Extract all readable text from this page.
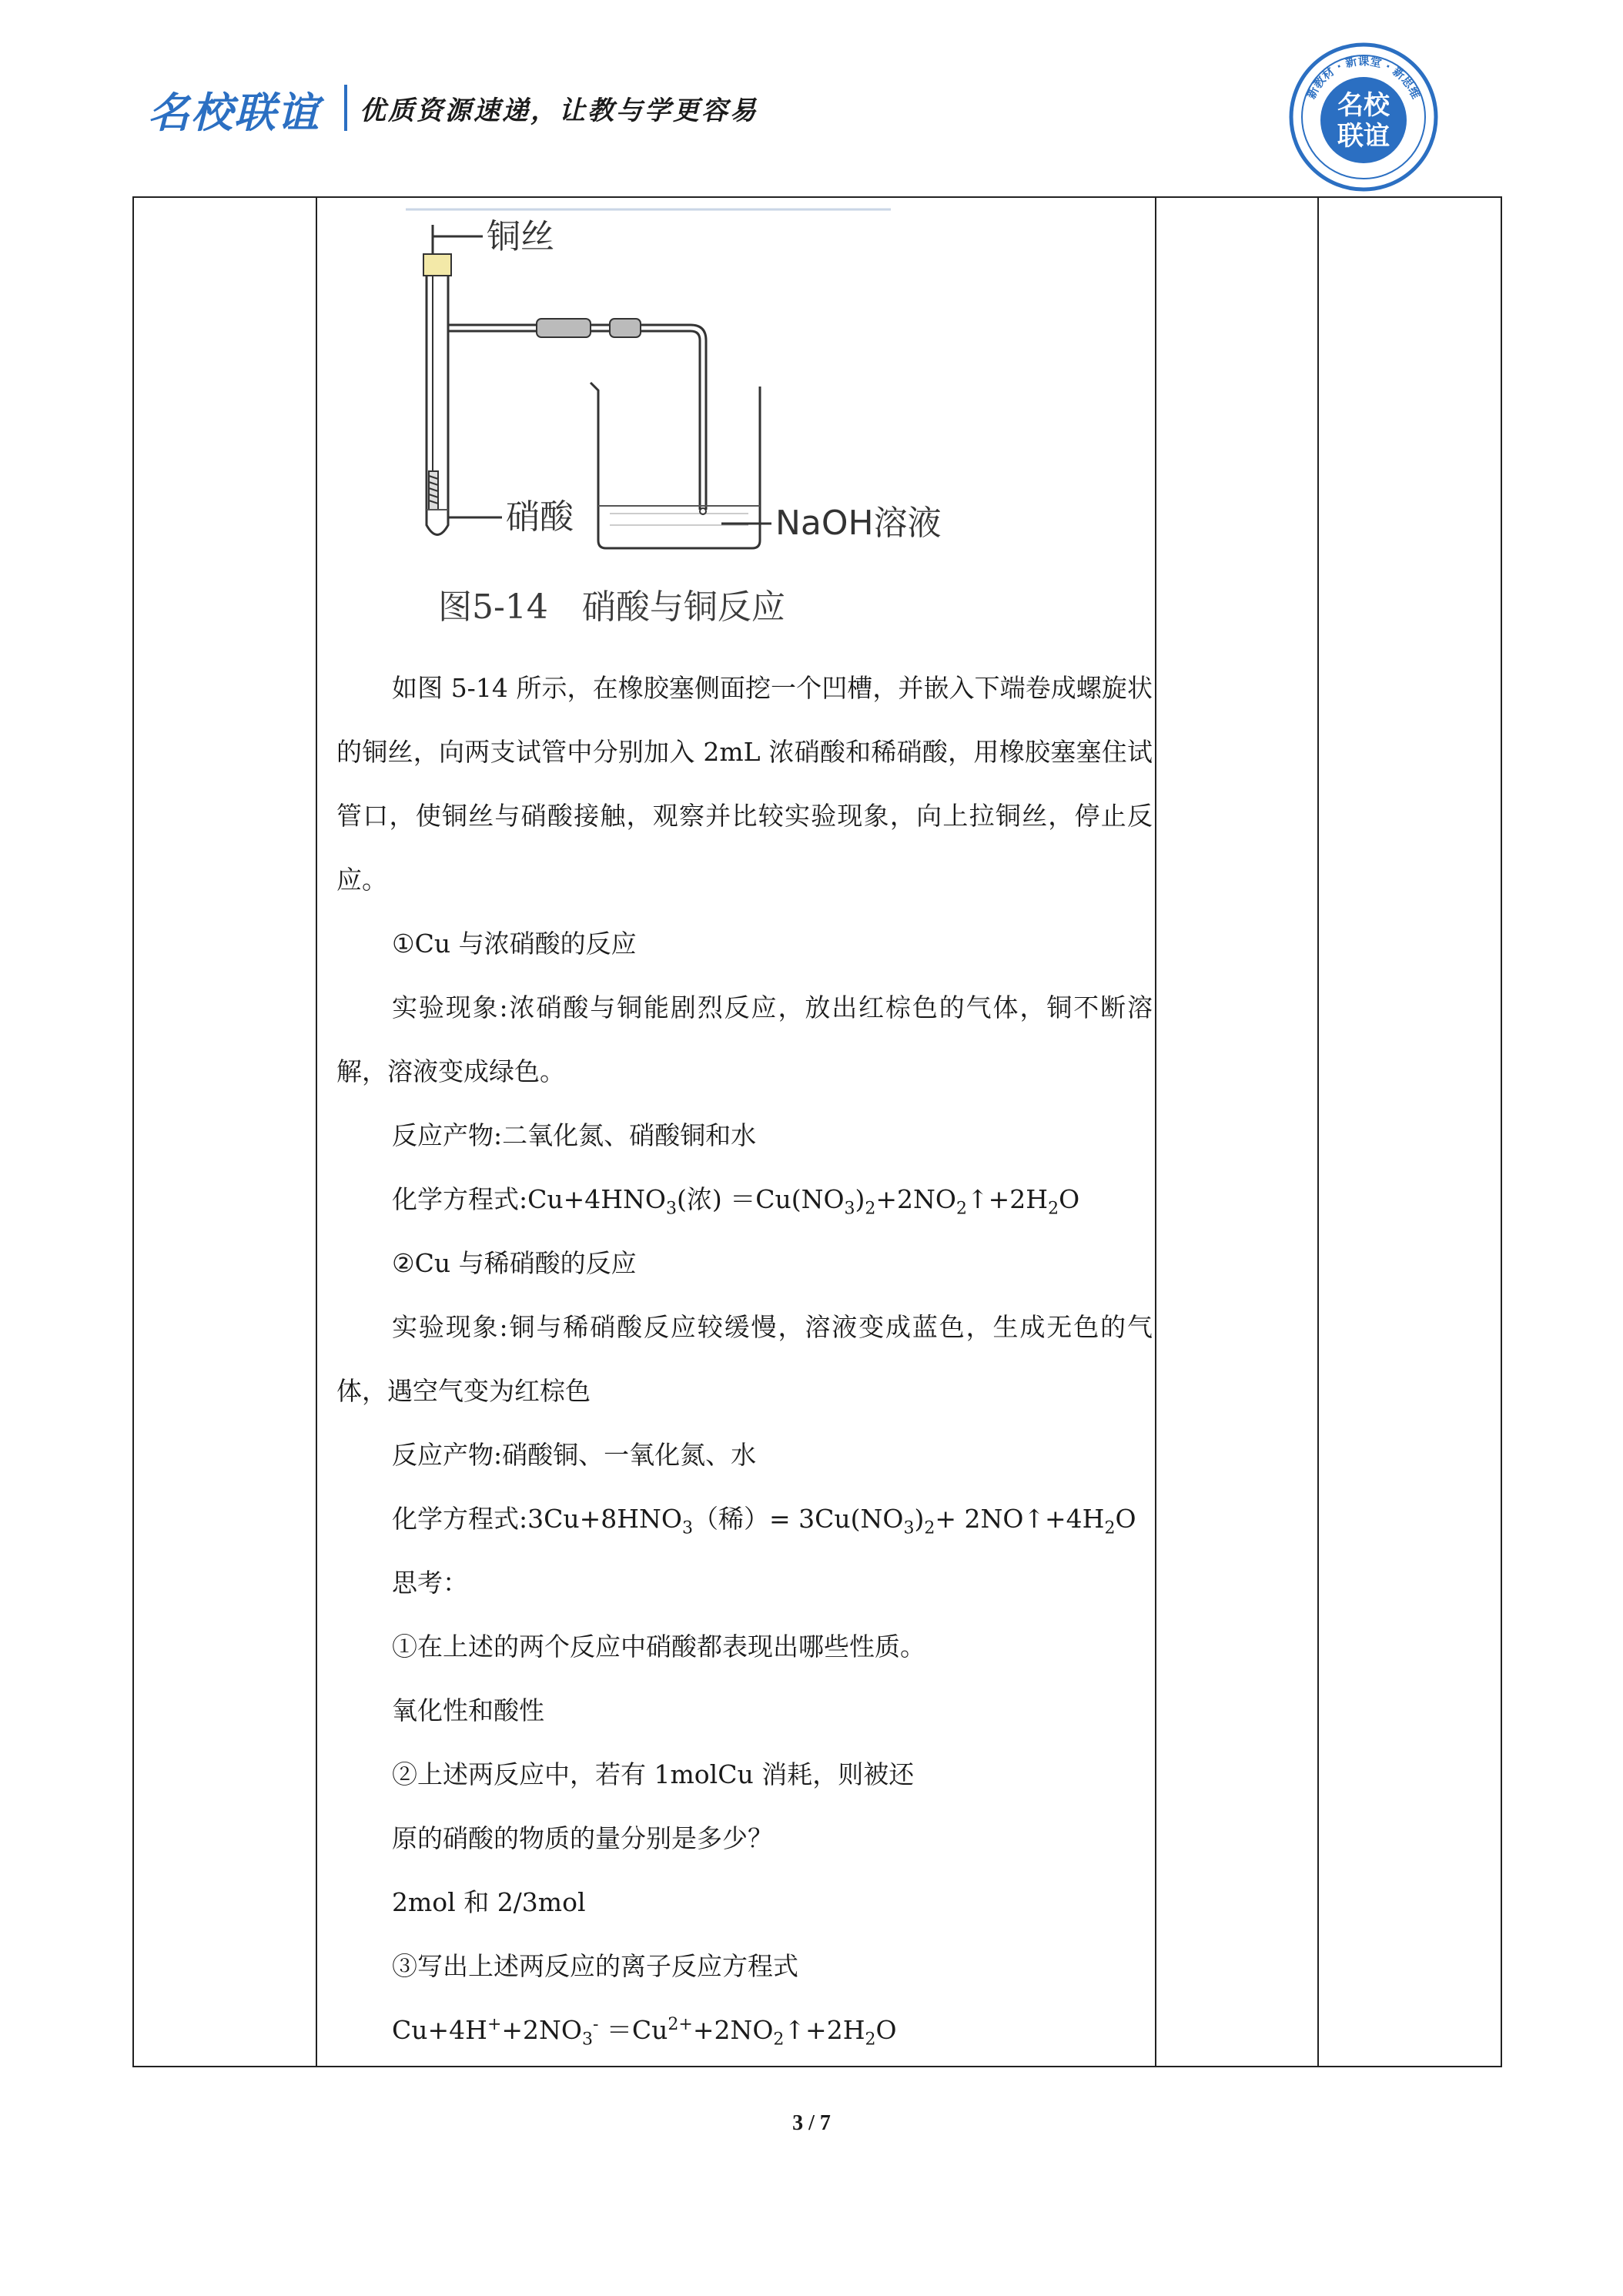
名校联谊 优质资源速递，让教与学更容易	名校
联谊
新教材 · 新课堂 · 新思维
铜丝
硝酸	NaOH溶液
图5-14　硝酸与铜反应

如图 5-14 所示，在橡胶塞侧面挖一个凹槽，并嵌入下端卷成螺旋状的铜丝，向两支试管中分别加入 2mL 浓硝酸和稀硝酸，用橡胶塞塞住试管口，使铜丝与硝酸接触，观察并比较实验现象，向上拉铜丝，停止反应。

①Cu 与浓硝酸的反应

实验现象:浓硝酸与铜能剧烈反应，放出红棕色的气体，铜不断溶解，溶液变成绿色。

反应产物:二氧化氮、硝酸铜和水

化学方程式$:Cu+4HNO_3$(浓) $=Cu(NO_3)_2+2NO_2↑+2H_2O$

②Cu 与稀硝酸的反应

实验现象:铜与稀硝酸反应较缓慢，溶液变成蓝色，生成无色的气体，遇空气变为红棕色

反应产物:硝酸铜、一氧化氮、水

化学方程式$:3Cu+8HNO_3$（稀）= $3Cu(NO_3)_2+$ $2NO↑+4H_2O$

思考：

①在上述的两个反应中硝酸都表现出哪些性质。

氧化性和酸性

②上述两反应中，若有 1molCu 消耗，则被还

原的硝酸的物质的量分别是多少？

2mol 和 2/3mol

③写出上述两反应的离子反应方程式

$Cu+4H^++2NO_3^-$ $=Cu^{2+}+2NO_2↑+2H_2O$

3 / 7
